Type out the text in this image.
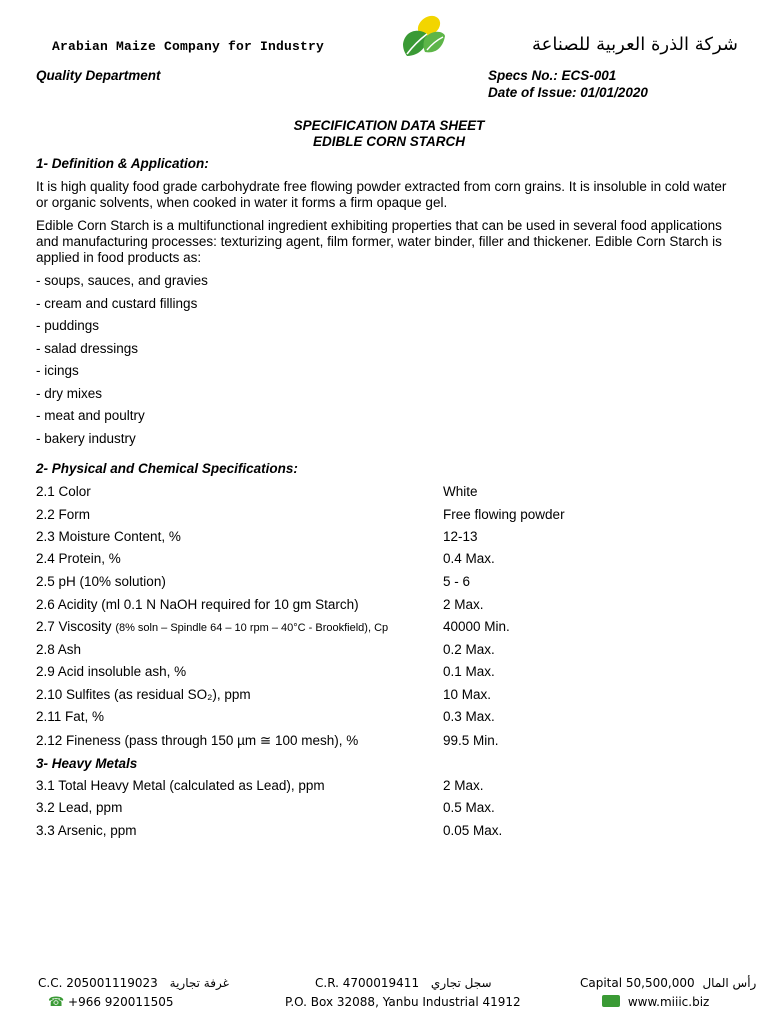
Arabian Maize Company for Industry	شركة الذرة العربية للصناعة
Quality Department	Specs No.: ECS-001
Date of Issue: 01/01/2020
SPECIFICATION DATA SHEET
EDIBLE CORN STARCH
1- Definition & Application:
It is high quality food grade carbohydrate free flowing powder extracted from corn grains. It is insoluble in cold water or organic solvents, when cooked in water it forms a firm opaque gel.
Edible Corn Starch is a multifunctional ingredient exhibiting properties that can be used in several food applications and manufacturing processes: texturizing agent, film former, water binder, filler and thickener. Edible Corn Starch is applied in food products as:
- soups, sauces, and gravies
- cream and custard fillings
- puddings
- salad dressings
- icings
- dry mixes
- meat and poultry
- bakery industry
2- Physical and Chemical Specifications:
2.1 Color	White
2.2 Form	Free flowing powder
2.3 Moisture Content, %	12-13
2.4 Protein, %	0.4 Max.
2.5 pH (10% solution)	5 - 6
2.6 Acidity (ml 0.1 N NaOH required for 10 gm Starch)	2 Max.
2.7 Viscosity (8% soln – Spindle 64 – 10 rpm – 40°C - Brookfield), Cp	40000 Min.
2.8 Ash	0.2 Max.
2.9 Acid insoluble ash, %	0.1 Max.
2.10 Sulfites (as residual SO₂), ppm	10 Max.
2.11 Fat, %	0.3 Max.
2.12 Fineness (pass through 150 µm ≅ 100 mesh), %	99.5 Min.
3- Heavy Metals
3.1 Total Heavy Metal (calculated as Lead), ppm	2 Max.
3.2 Lead, ppm	0.5 Max.
3.3 Arsenic, ppm	0.05 Max.
C.C. 205001119023 غرفة تجارية	C.R. 4700019411 سجل تجاري	Capital 50,500,000 رأس المال
☎ +966 920011505	P.O. Box 32088, Yanbu Industrial 41912	www.miiic.biz
